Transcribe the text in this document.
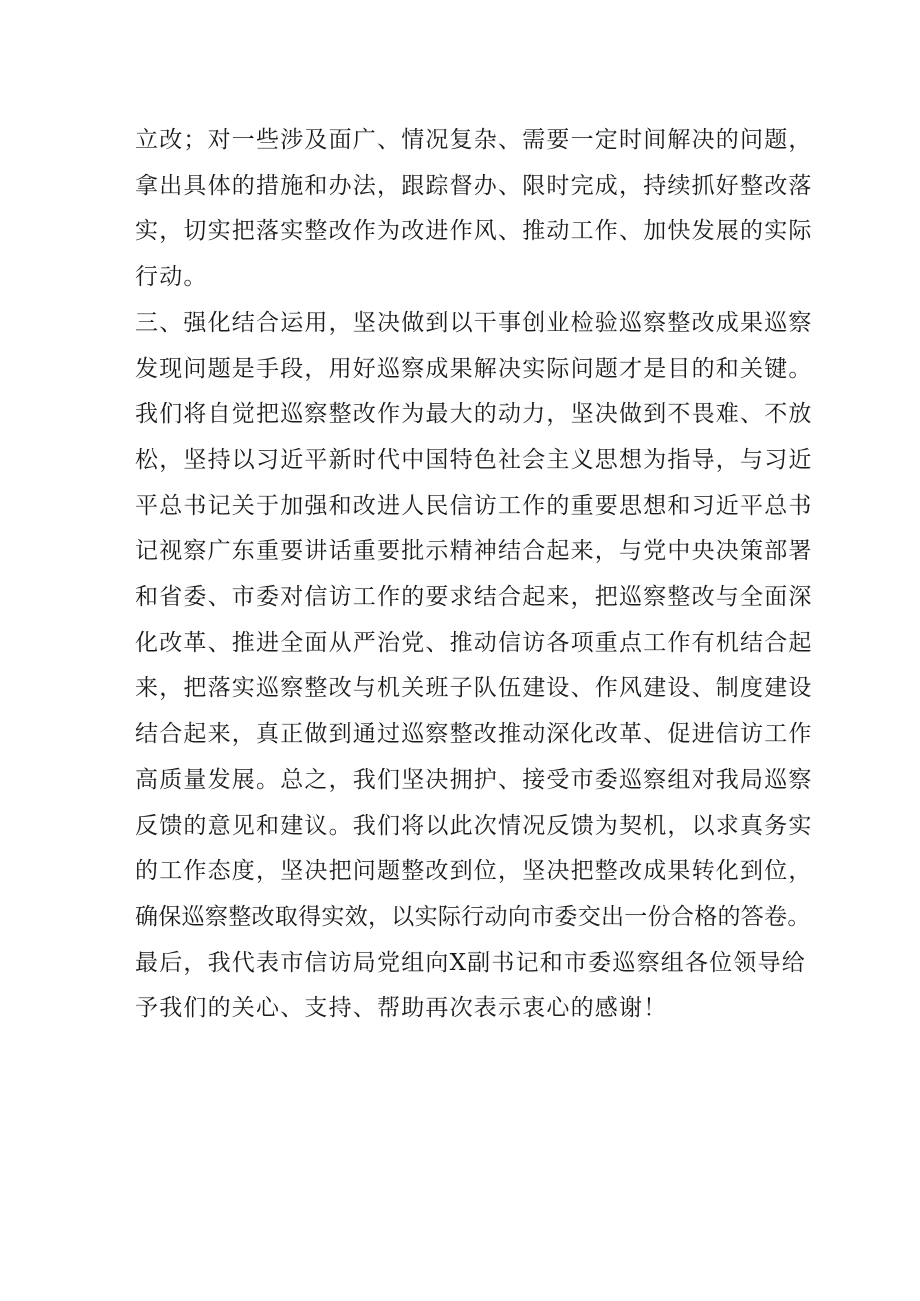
立改；对一些涉及面广、情况复杂、需要一定时间解决的问题，

拿出具体的措施和办法，跟踪督办、限时完成，持续抓好整改落

实，切实把落实整改作为改进作风、推动工作、加快发展的实际

行动。

三、强化结合运用，坚决做到以干事创业检验巡察整改成果巡察

发现问题是手段，用好巡察成果解决实际问题才是目的和关键。

我们将自觉把巡察整改作为最大的动力，坚决做到不畏难、不放

松，坚持以习近平新时代中国特色社会主义思想为指导，与习近

平总书记关于加强和改进人民信访工作的重要思想和习近平总书

记视察广东重要讲话重要批示精神结合起来，与党中央决策部署

和省委、市委对信访工作的要求结合起来，把巡察整改与全面深

化改革、推进全面从严治党、推动信访各项重点工作有机结合起

来，把落实巡察整改与机关班子队伍建设、作风建设、制度建设

结合起来，真正做到通过巡察整改推动深化改革、促进信访工作

高质量发展。总之，我们坚决拥护、接受市委巡察组对我局巡察

反馈的意见和建议。我们将以此次情况反馈为契机，以求真务实

的工作态度，坚决把问题整改到位，坚决把整改成果转化到位，

确保巡察整改取得实效，以实际行动向市委交出一份合格的答卷。

最后，我代表市信访局党组向X副书记和市委巡察组各位领导给

予我们的关心、支持、帮助再次表示衷心的感谢！
